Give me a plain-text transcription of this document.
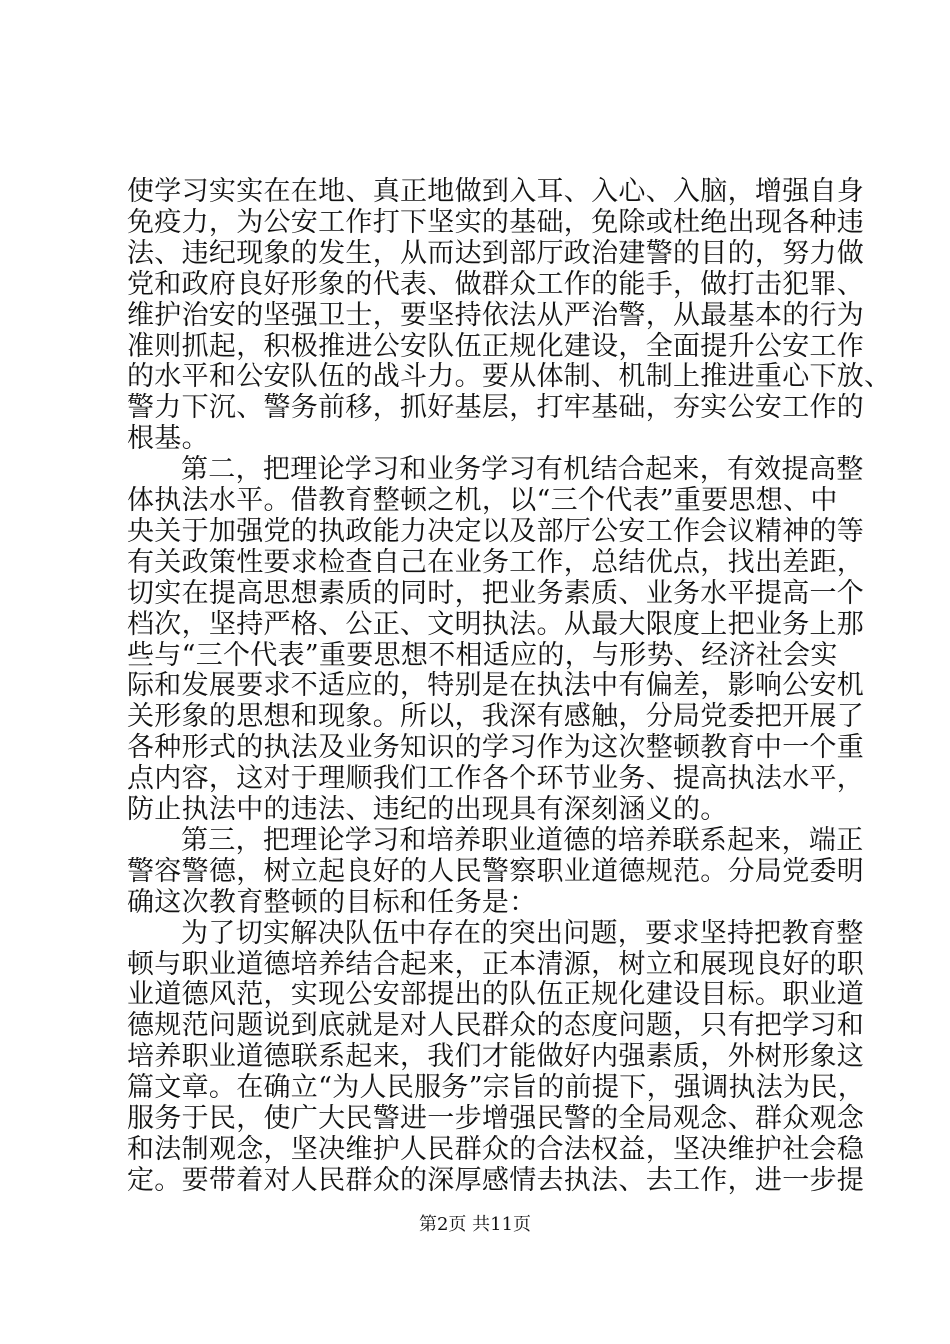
使学习实实在在地、真正地做到入耳、入心、入脑，增强自身
免疫力，为公安工作打下坚实的基础，免除或杜绝出现各种违
法、违纪现象的发生，从而达到部厅政治建警的目的，努力做
党和政府良好形象的代表、做群众工作的能手，做打击犯罪、
维护治安的坚强卫士，要坚持依法从严治警，从最基本的行为
准则抓起，积极推进公安队伍正规化建设，全面提升公安工作
的水平和公安队伍的战斗力。要从体制、机制上推进重心下放、
警力下沉、警务前移，抓好基层，打牢基础，夯实公安工作的
根基。
第二，把理论学习和业务学习有机结合起来，有效提高整
体执法水平。借教育整顿之机，以“三个代表”重要思想、中
央关于加强党的执政能力决定以及部厅公安工作会议精神的等
有关政策性要求检查自己在业务工作，总结优点，找出差距，
切实在提高思想素质的同时，把业务素质、业务水平提高一个
档次，坚持严格、公正、文明执法。从最大限度上把业务上那
些与“三个代表”重要思想不相适应的，与形势、经济社会实
际和发展要求不适应的，特别是在执法中有偏差，影响公安机
关形象的思想和现象。所以，我深有感触，分局党委把开展了
各种形式的执法及业务知识的学习作为这次整顿教育中一个重
点内容，这对于理顺我们工作各个环节业务、提高执法水平，
防止执法中的违法、违纪的出现具有深刻涵义的。
第三，把理论学习和培养职业道德的培养联系起来，端正
警容警德，树立起良好的人民警察职业道德规范。分局党委明
确这次教育整顿的目标和任务是：
为了切实解决队伍中存在的突出问题，要求坚持把教育整
顿与职业道德培养结合起来，正本清源，树立和展现良好的职
业道德风范，实现公安部提出的队伍正规化建设目标。职业道
德规范问题说到底就是对人民群众的态度问题，只有把学习和
培养职业道德联系起来，我们才能做好内强素质，外树形象这
篇文章。在确立“为人民服务”宗旨的前提下，强调执法为民，
服务于民，使广大民警进一步增强民警的全局观念、群众观念
和法制观念，坚决维护人民群众的合法权益，坚决维护社会稳
定。要带着对人民群众的深厚感情去执法、去工作，进一步提
第2页 共11页
